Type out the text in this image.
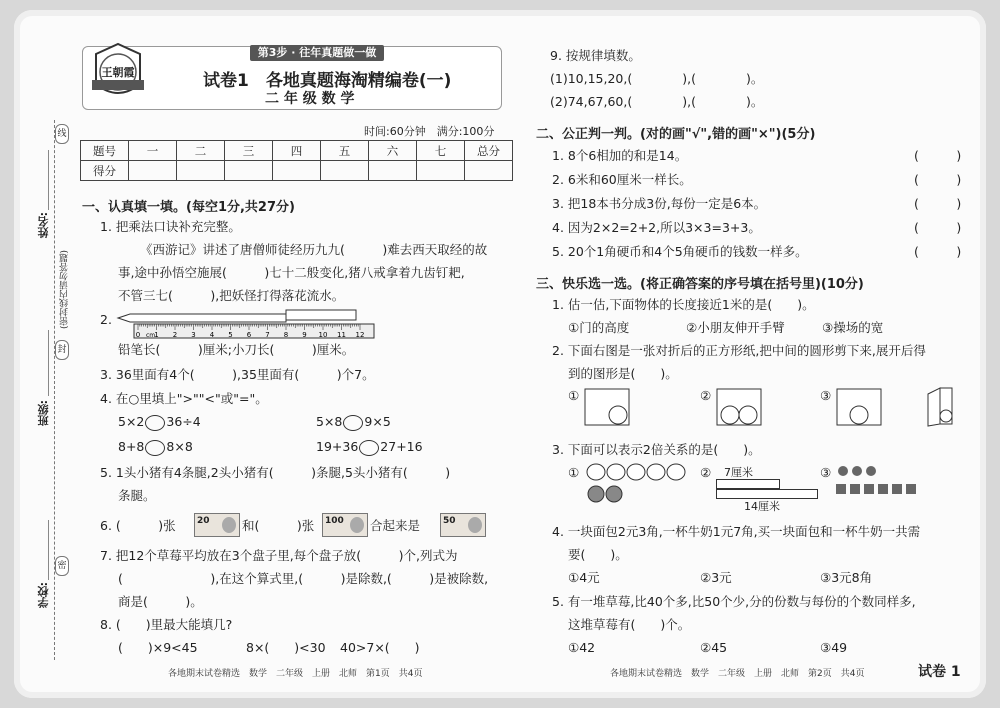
姓名:
班级:
学校:
(密封线内请勿答题)
线
封
密
王朝霞
第3步 · 往年真题做一做
试卷1　各地真题海淘精编卷(一)
二 年 级 数 学
时间:60分钟　满分:100分
题号	一	二	三	四	五	六	七	总分
得分								
一、认真填一填。(每空1分,共27分)
1. 把乘法口诀补充完整。
《西游记》讲述了唐僧师徒经历九九(　　　)难去西天取经的故
事,途中孙悟空施展(　　　)七十二般变化,猪八戒拿着九齿钉耙,
不管三七(　　　),把妖怪打得落花流水。
2.
0 1 2 3 4 5 6 7 8 9 10 11 12
cm
铅笔长(　　　)厘米;小刀长(　　　)厘米。
3. 36里面有4个(　　　),35里面有(　　　)个7。
4. 在○里填上">""<"或"="。
5×2 36÷4	5×8 9×5
8+8 8×8	19+36 27+16
5. 1头小猪有4条腿,2头小猪有(　　　)条腿,5头小猪有(　　　)
条腿。
6. (　　　)张 20	和(　　　)张 100 合起来是	50
7. 把12个草莓平均放在3个盘子里,每个盘子放(　　　)个,列式为
(　　　　　　　),在这个算式里,(　　　)是除数,(　　　)是被除数,
商是(　　　)。
8. (　　)里最大能填几?
(　　)×9<45	8×(　　)<30 40>7×(　　)
各地期末试卷精选　数学　二年级　上册　北师　第1页　共4页
9. 按规律填数。
(1)10,15,20,(　　　　),(　　　　)。
(2)74,67,60,(　　　　),(　　　　)。
二、公正判一判。(对的画"√",错的画"×")(5分)
1. 8个6相加的和是14。	(　　　)
2. 6米和60厘米一样长。	(　　　)
3. 把18本书分成3份,每份一定是6本。	(　　　)
4. 因为2×2=2+2,所以3×3=3+3。	(　　　)
5. 20个1角硬币和4个5角硬币的钱数一样多。	(　　　)
三、快乐选一选。(将正确答案的序号填在括号里)(10分)
1. 估一估,下面物体的长度接近1米的是(　　)。
①门的高度	②小朋友伸开手臂	③操场的宽
2. 下面右图是一张对折后的正方形纸,把中间的圆形剪下来,展开后得
到的图形是(　　)。
①	②	③
3. 下面可以表示2倍关系的是(　　)。
①	② 7厘米
14厘米
③
4. 一块面包2元3角,一杯牛奶1元7角,买一块面包和一杯牛奶一共需
要(　　)。
①4元	②3元	③3元8角
5. 有一堆草莓,比40个多,比50个少,分的份数与每份的个数同样多,
这堆草莓有(　　)个。
①42	②45	③49
各地期末试卷精选　数学　二年级　上册　北师　第2页　共4页	试卷 1
